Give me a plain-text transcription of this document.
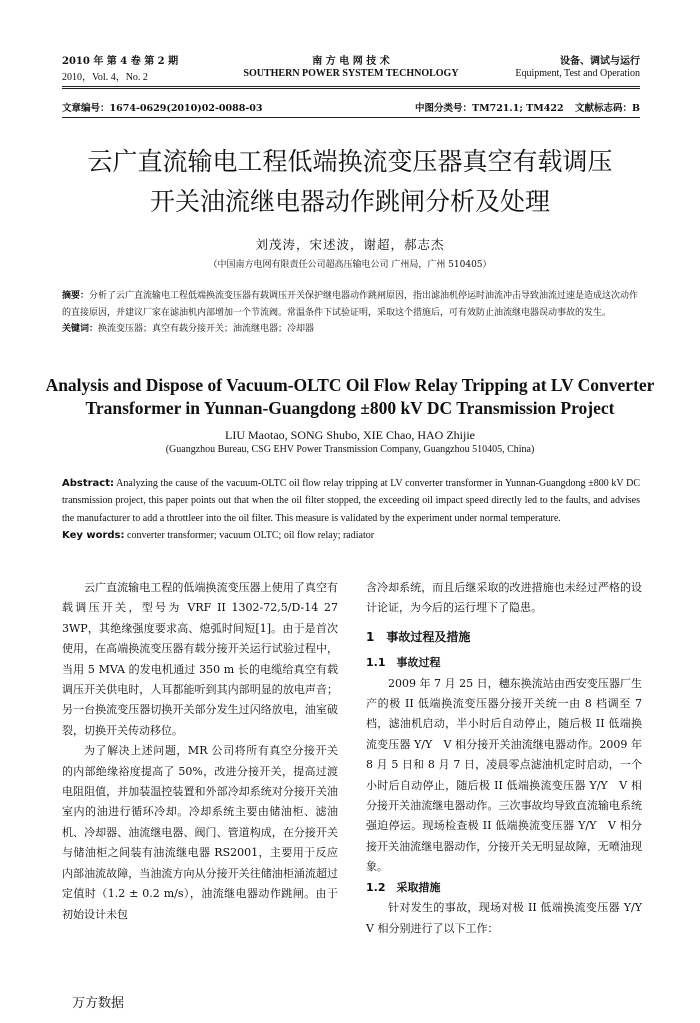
2010 年 第 4 卷 第 2 期	南 方 电 网 技 术	设备、调试与运行
2010，Vol. 4，No. 2	SOUTHERN POWER SYSTEM TECHNOLOGY	Equipment, Test and Operation
文章编号：1674-0629(2010)02-0088-03	中图分类号：TM721.1; TM422 文献标志码：B
云广直流输电工程低端换流变压器真空有载调压
开关油流继电器动作跳闸分析及处理
刘茂涛，宋述波，谢超，郝志杰
（中国南方电网有限责任公司超高压输电公司 广州局，广州 510405）
摘要：分析了云广直流输电工程低端换流变压器有载调压开关保护继电器动作跳闸原因，指出滤油机停运时油流冲击导致油流过速是造成这次动作的直接原因，并建议厂家在滤油机内部增加一个节流阀。常温条件下试验证明，采取这个措施后，可有效防止油流继电器误动事故的发生。
关键词：换流变压器；真空有载分接开关；油流继电器；冷却器
Analysis and Dispose of Vacuum-OLTC Oil Flow Relay Tripping at LV Converter
Transformer in Yunnan-Guangdong ±800 kV DC Transmission Project
LIU Maotao, SONG Shubo, XIE Chao, HAO Zhijie
(Guangzhou Bureau, CSG EHV Power Transmission Company, Guangzhou 510405, China)
Abstract: Analyzing the cause of the vacuum-OLTC oil flow relay tripping at LV converter transformer in Yunnan-Guangdong ±800 kV DC transmission project, this paper points out that when the oil filter stopped, the exceeding oil impact speed directly led to the faults, and advises the manufacturer to add a throttleer into the oil filter. This measure is validated by the experiment under normal temperature.
Key words: converter transformer; vacuum OLTC; oil flow relay; radiator

云广直流输电工程的低端换流变压器上使用了真空有载调压开关，型号为 VRF II 1302-72,5/D-14 27 3WP，其绝缘强度要求高、熄弧时间短[1]。由于是首次使用，在高端换流变压器有载分接开关运行试验过程中，当用 5 MVA 的发电机通过 350 m 长的电缆给真空有载调压开关供电时，人耳都能听到其内部明显的放电声音；另一台换流变压器切换开关部分发生过闪络放电，油室破裂，切换开关传动移位。

为了解决上述问题，MR 公司将所有真空分接开关的内部绝缘裕度提高了 50%，改进分接开关，提高过渡电阻阻值，并加装温控装置和外部冷却系统对分接开关油室内的油进行循环冷却。冷却系统主要由储油柜、滤油机、冷却器、油流继电器、阀门、管道构成，在分接开关与储油柜之间装有油流继电器 RS2001，主要用于反应内部油流故障，当油流方向从分接开关往储油柜涌流超过定值时（1.2 ± 0.2 m/s），油流继电器动作跳闸。由于初始设计未包

含冷却系统，而且后继采取的改进措施也未经过严格的设计论证，为今后的运行埋下了隐患。

1　事故过程及措施
1.1　事故过程

2009 年 7 月 25 日，穗东换流站由西安变压器厂生产的极 II 低端换流变压器分接开关统一由 8 档调至 7 档，滤油机启动，半小时后自动停止，随后极 II 低端换流变压器 Y/Y　V 相分接开关油流继电器动作。2009 年 8 月 5 日和 8 月 7 日，凌晨零点滤油机定时启动，一个小时后自动停止，随后极 II 低端换流变压器 Y/Y　V 相分接开关油流继电器动作。三次事故均导致直流输电系统强迫停运。现场检查极 II 低端换流变压器 Y/Y　V 相分接开关油流继电器动作，分接开关无明显故障，无喷油现象。

1.2　采取措施

针对发生的事故，现场对极 II 低端换流变压器 Y/Y　V 相分别进行了以下工作：

万方数据
